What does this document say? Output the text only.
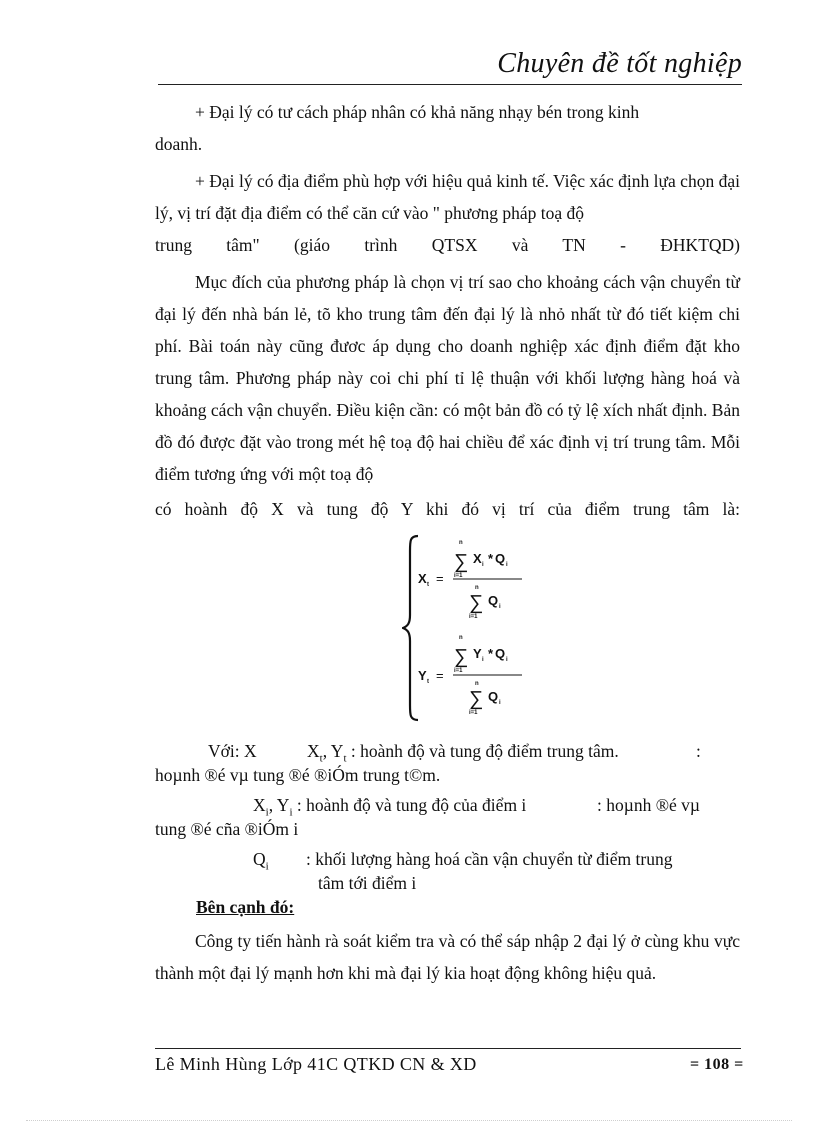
Chuyên đề tốt nghiệp

+ Đại lý có tư cách pháp nhân có khả năng nhạy bén trong kinh
doanh.

+ Đại lý có địa điểm phù hợp với hiệu quả kinh tế. Việc xác định lựa chọn đại lý, vị trí đặt địa điểm có thể căn cứ vào " phương pháp toạ độ

trung tâm" (giáo trình QTSX và TN - ĐHKTQD)

Mục đích của phương pháp là chọn vị trí sao cho khoảng cách vận chuyển từ đại lý đến nhà bán lẻ, tõ kho trung tâm đến đại lý là nhỏ nhất từ đó tiết kiệm chi phí. Bài toán này cũng đươc áp dụng cho doanh nghiệp xác định điểm đặt kho trung tâm. Phương pháp này coi chi phí tỉ lệ thuận với khối lượng hàng hoá và khoảng cách vận chuyển. Điều kiện cần: có một bản đồ có tỷ lệ xích nhất định. Bản đồ đó được đặt vào trong mét hệ toạ độ hai chiều để xác định vị trí trung tâm. Mỗi điểm tương ứng với một toạ độ

có hoành độ X và tung độ Y khi đó vị trí của điểm trung tâm là:

n
∑
i=1
X i * Q i
X t =
n
∑
i=1
Q i
n
∑
i=1
Y i * Q i
Y t =
n
∑
i=1
Q i
Với: X	$X_t$, $Y_t$ : hoành độ và tung độ điểm trung tâm.	:
hoµnh ®é vµ tung ®é ®iÓm trung t©m.
$X_i$, $Y_i$ : hoành độ và tung độ của điểm i	: hoµnh ®é vµ
tung ®é cña ®iÓm i
$Q_i$ : khối lượng hàng hoá cần vận chuyển từ điểm trung
tâm tới điểm i
Bên cạnh đó:

Công ty tiến hành rà soát kiểm tra và có thể sáp nhập 2 đại lý ở cùng khu vực thành một đại lý mạnh hơn khi mà đại lý kia hoạt động không hiệu quả.

Lê Minh Hùng Lớp 41C QTKD CN & XD	= 108 =
